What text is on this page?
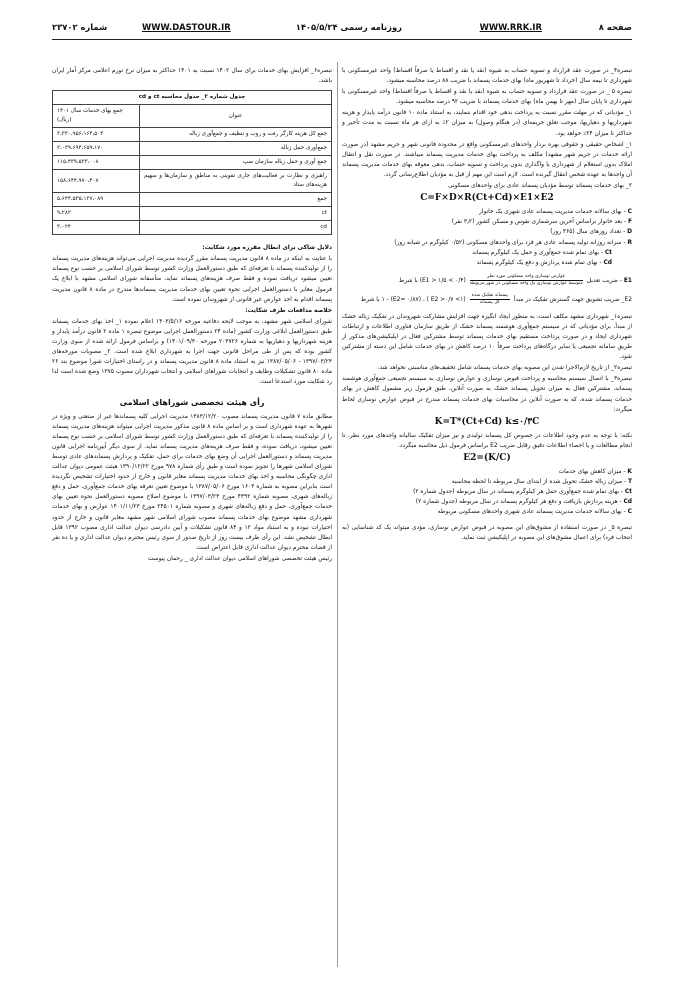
صفحه ۸
WWW.RRK.IR
روزنامه رسمی ۱۴۰۵/۵/۲۴
WWW.DASTOUR.IR
شماره ۲۳۷۰۲

تبصره۴_ در صورت عقد قرارداد و تسویه حساب به شیوه (نقد یا نقد و اقساط یا صرفاً اقساط) واحد غیرمسکونی با شهرداری تا نیمه سال (خرداد تا شهریور ماه) بهای خدمات پسماند با ضریب ۸۸ درصد محاسبه میشود.

تبصره ۵ _ در صورت عقد قرارداد و تسویه حساب به شیوه (نقد یا نقد و اقساط یا صرفاً اقساط) واحد غیرمسکونی با شهرداری تا پایان سال (مهر تا بهمن ماه) بهای خدمات پسماند با ضریب ۹۲ درصد محاسبه میشود.

۱_ مؤدیانی که در مهلت مقرر نسبت به پرداخت بدهی خود اقدام ننمایند، به استناد ماده ۱۰ قانون درآمد پایدار و هزینه شهرداریها و دهیاریها، موجب تعلق جریمه‌ای (در هنگام وصول) به میزان ۲٪ به ازای هر ماه نسبت به مدت تأخیر و حداکثر تا میزان ۲۴٪ خواهد بود.

۱_ اشخاص حقیقی و حقوقی بهره بردار واحدهای غیرمسکونی واقع در محدوده قانونی شهر و حریم مشهد (در صورت ارائه خدمات در حریم شهر مشهد) مکلف به پرداخت بهای خدمات مدیریت پسماند میباشند. در صورت نقل و انتقال املاک بدون استعلام از شهرداری یا واگذاری بدون پرداخت و تسویه حساب، بدهی معوقه بهای خدمات مدیریت پسماند آن واحدها به عهده شخص انتقال گیرنده است. لازم است این مهم از قبل به مؤدیان اطلاع‌رسانی گردد.

۲_ بهای خدمات پسماند توسط مؤدیان پسماند عادی برای واحدهای مسکونی

C=F×D×R(Ct+Cd)×E1×E2
C - بهای سالانه خدمات مدیریت پسماند عادی شهری یک خانوار
F - بعد خانوار براساس آخرین سرشماری نفوس و مسکن کشور (۳٫۲ نفر)
D - تعداد روزهای سال (۳۶۵ روز)
R - سرانه روزانه تولید پسماند عادی هر فرد برای واحدهای مسکونی (۰/۵۲ کیلوگرم در شبانه روز)
Ct - بهای تمام شده جمع‌آوری و حمل یک کیلوگرم پسماند
Cd - بهای تمام شده پردازش و دفع یک کیلوگرم پسماند
E1 - ضریب تعدیل
$\frac{\text{عوارض نوسازی واحد مسکونی مورد نظر}}{\text{متوسط عوارض نوسازی یک واحد مسکونی در شهر مربوطه}}$
(۰/۴ > E1 > ۱/۵) با شرط
E2_ ضریب تشویق جهت گسترش تفکیک در مبدأ
$\frac{\text{پسماند تفکیک شده}}{\text{کل پسماند}}$
(۱> E2 >۰/۷ ) ، (E2= ۰/۸۷) - ۱ با شرط

تبصره۱_ شهرداری مشهد مکلف است، به منظور ایجاد انگیزه جهت افزایش مشارکت شهروندان در تفکیک زباله خشک از مبدأ، برای مؤدیانی که در سیستم جمع‌آوری هوشمند پسماند خشک از طریق سازمان فناوری اطلاعات و ارتباطات شهرداری ایجاد و در صورت پرداخت مستقیم بهای خدمات پسماند توسط مشترکین فعال در اپلیکیشن‌های مذکور از طریق سامانه تجمیعی یا سایر درگاه‌های پرداخت صرفاً ۱۰ درصد کاهش در بهای خدمات شامل این دسته از مشترکین شود.

تبصره۲_ از تاریخ لازم‌الاجرا شدن این مصوبه بهای خدمات پسماند شامل تخفیف‌های مناسبتی نخواهد شد.

تبصره۳_ با اتصال سیستم محاسبه و پرداخت قبوض نوسازی و عوارض نوسازی به سیستم تجمیعی جمع‌آوری هوشمند پسماند، مشترکین فعال به میزان تحویل پسماند خشک به صورت آنلاین، طبق فرمول زیر مشمول کاهش در بهای خدمات پسماند شده، که به صورت آنلاین در محاسبات بهای خدمات پسماند مندرج در قبوض عوارض نوسازی لحاظ میگردد:

K=T*(Ct+Cd) k≤۰/۳C

نکته: با توجه به عدم وجود اطلاعات در خصوص کل پسماند تولیدی و نیز میزان تفکیک سالیانه واحدهای مورد نظر، تا انجام مطالعات و یا احصاء اطلاعات دقیق رقابل ضریب E2 براساس فرمول ذیل محاسبه میگردد.

E2=(K/C)
K - میزان کاهش بهای خدمات
T - میزان زباله خشک تحویل شده از ابتدای سال مربوطه تا لحظه محاسبه
Ct - بهای تمام شده جمع‌آوری حمل هر کیلوگرم پسماند در سال مربوطه (جدول شماره ۲)
Cd - هزینه پردازش بازیافت و دفع هر کیلوگرم پسماند در سال مربوطه (جدول شماره ۲)
C - بهای سالانه خدمات مدیریت پسماند عادی شهری واحدهای مسکونی مربوطه

تبصره ۵_ در صورت استفاده از مشوق‌های این مصوبه در قبوض عوارض نوسازی، مؤدی میتواند یک کد شناسایی (به انتخاب فرد) برای اعمال مشوق‌های این مصوبه در اپلیکیشن ثبت نماید.

تبصره۶_ افزایش بهای خدمات برای سال ۱۴۰۲ نسبت به ۱۴۰۱ حداکثر به میزان نرخ تورم اعلامی مرکز آمار ایران باشد.

جدول شماره ۲_ جدول محاسبه ct و cd	
عنوان	جمع بهای خدمات سال ۱۴۰۱ (ریال)
جمع کل هزینه کارگر رفت و روب و تنظیف و جمع‌آوری زباله	۳،۳۳۰،۹۵۶،۱۶۴،۵۰۴
جمع‌آوری حمل زباله	۲،۰۳۹،۶۹۴،۶۵۹،۱۷۰
جمع آوری و حمل زباله سازمان سپ	۱۱۵،۴۳۹،۵۳۳،۰۰۸
راهبری و نظارت بر فعالیت‌های جاری تقویتی به مناطق و سازمان‌ها و سهیم هزینه‌های ستاد	۱۵۸،۶۴۴،۹۷۰،۴۰۷
جمع	۵،۶۴۴،۵۳۵،۱۲۷،۰۸۹
ct	۹،۲۸۲
cd	۳،۰۲۴

دلایل شاکی برای ابطال مقرره مورد شکایت:

با عنایت به اینکه در ماده ۸ قانون مدیریت پسماند مقرر گردیده مدیریت اجرایی می‌تواند هزینه‌های مدیریت پسماند را از تولیدکننده پسماند با تعرفه‌ای که طبق دستورالعمل وزارت کشور توسط شورای اسلامی بر حسب نوع پسماند تعیین میشود دریافت نموده و فقط صرف هزینه‌های پسماند نماید، متأسفانه شورای اسلامی مشهد با ابلاغ یک فرمول مغایر با دستورالعمل اجرایی نحوه تعیین بهای خدمات مدیریت پسماندها مندرج در ماده ۸ قانون مدیریت پسماند اقدام به اخذ عوارض غیر قانونی از شهروندان نموده است.

خلاصه مدافعات طرف شکایت:

شورای اسلامی شهر مشهد، به موجب لایحه دفاعیه مورخه ۱۴۰۳/۵/۱۶ اعلام نموده ۱_ اخذ بهای خدمات پسماند طبق دستورالعمل ابلاغی وزارت کشور (ماده ۲۴ دستورالعمل اجرایی موضوع تبصره ۱ ماده ۲ قانون درآمد پایدار و هزینه شهرداریها و دهیاریها به شماره ۲۰۳۷۲۶ مورخه ۱۴۰۱/۰۹/۳۰) و براساس فرمول ارائه شده از سوی وزارت کشور بوده که پس از طی مراحل قانونی جهت اجرا به شهرداری ابلاغ شده است. ۲_ مصوبات مورخه‌های ۱۳۹۷/۰۳/۲۳ - ۱۳۸۷/۰۵/۰۶ نیز به استناد ماده ۸ قانون مدیریت پسماند و در راستای اختیارات شورا موضوع بند ۲۶ ماده ۸۰ قانون تشکیلات وظایف و انتخابات شوراهای اسلامی و انتخاب شهرداران مصوب ۱۳۷۵ وضع شده است لذا رد شکایت مورد استدعا است.

رأی هیئت تخصصی شوراهای اسلامی

مطابق ماده ۷ قانون مدیریت پسماند مصوب ۱۳۸۳/۱۲/۲۰ مدیریت اجرایی کلیه پسماندها غیر از صنعتی و ویژه در شهرها به عهده شهرداری است و بر اساس ماده ۸ قانون مذکور مدیریت اجرایی میتواند هزینه‌های مدیریت پسماند را از تولیدکننده پسماند با تعرفه‌ای که طبق دستورالعمل وزارت کشور توسط شورای اسلامی بر حسب نوع پسماند تعیین میشود، دریافت نموده، و فقط صرف هزینه‌های مدیریت پسماند نماید. از سوی دیگر آیین‌نامه اجرایی قانون مدیریت پسماند و دستورالعمل اجرایی آن وضع بهای خدمات برای حمل، تفکیک و پردازش پسماندهای عادی توسط شورای اسلامی شهرها را تجویز نموده است و طبق رأی شماره ۹۷۸ مورخ ۱۳۹۰/۱۲/۲۲ هیئت عمومی دیوان عدالت اداری چگونگی محاسبه و اخذ بهای خدمات مدیریت پسماند مغایر قانون و خارج از حدود اختیارات تشخیص نگردیده است بنابراین مصوبه به شماره ۱۶۰۳ مورخ ۱۳۸۷/۰۵/۰۶ با موضوع تعیین تعرفه بهای خدمات جمع‌آوری، حمل و دفع زباله‌های شهری، مصوبه شماره ۴۳۹۲ مورخ ۱۳۹۷/۰۳/۲۳ با موضوع اصلاح مصوبه دستورالعمل نحوه تعیین بهای خدمات جمع‌آوری، حمل و دفع زباله‌های شهری و مصوبه شماره ۲۴۵۰۱ مورخ ۱۴۰۱/۱۱/۲۳ عوارض و بهای خدمات شهرداری مشهد موضوع بهای خدمات پسماند مصوب شورای اسلامی شهر مشهد مغایر قانون و خارج از حدود اختیارات نبوده و به استناد مواد ۱۲ و ۸۴ قانون تشکیلات و آیین دادرسی دیوان عدالت اداری مصوب ۱۳۹۲ قابل ابطال تشخیص نشد. این رأی ظرف بیست روز از تاریخ صدور از سوی رئیس محترم دیوان عدالت اداری و یا ده نفر از قضات محترم دیوان عدالت اداری قابل اعتراض است.

رئیس هیئت تخصصی شوراهای اسلامی دیوان عدالت اداری _ رحمان پیوست
